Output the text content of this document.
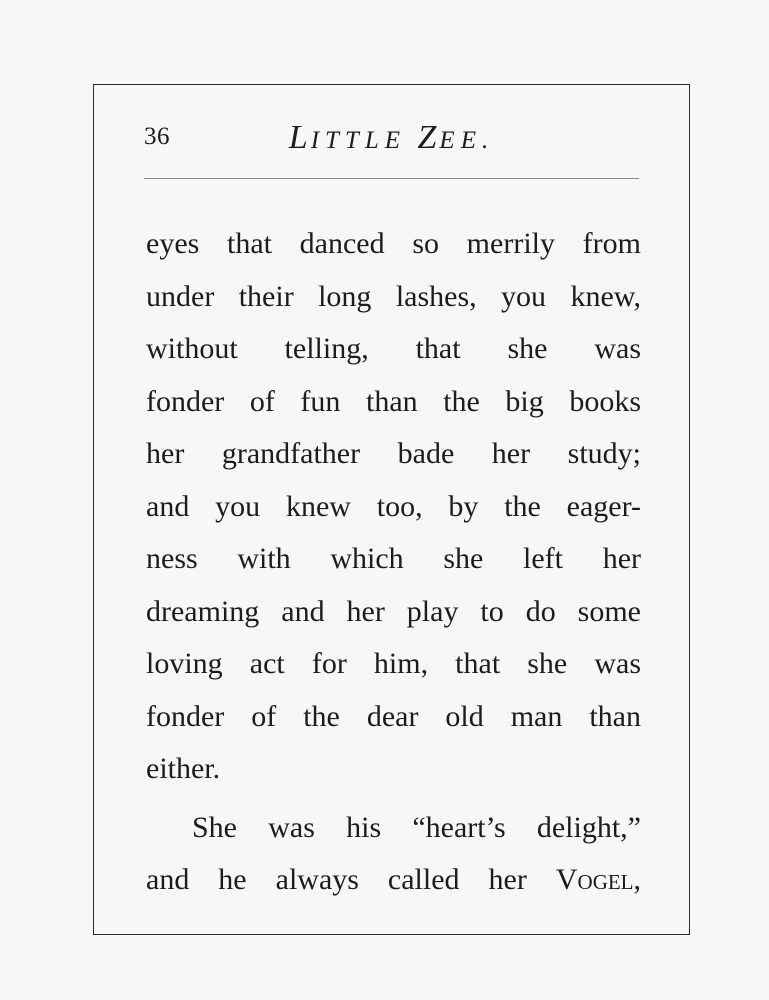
36	LITTLE ZEE.
eyes that danced so merrily from
under their long lashes, you knew,
without telling, that she was
fonder of fun than the big books
her grandfather bade her study;
and you knew too, by the eager-
ness with which she left her
dreaming and her play to do some
loving act for him, that she was
fonder of the dear old man than
either.
She was his “heart’s delight,”
and he always called her Vogel,
